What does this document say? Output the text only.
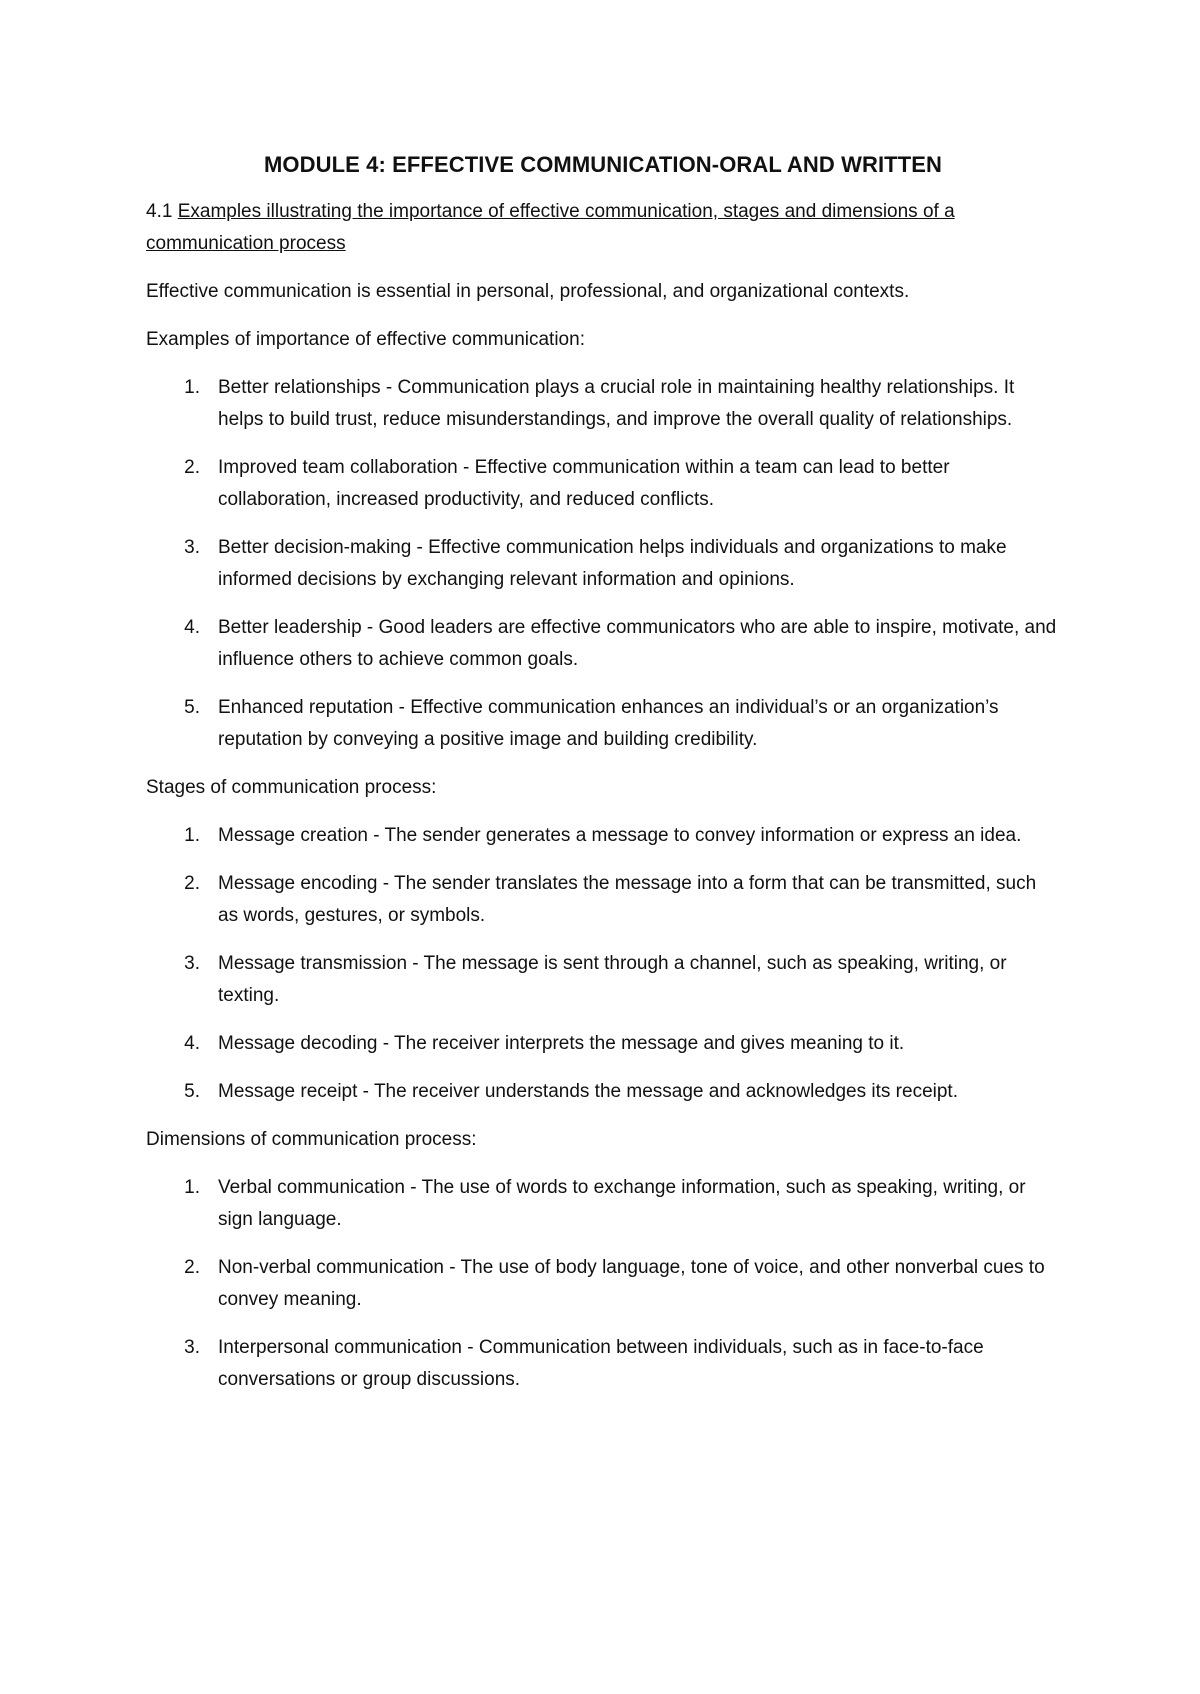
MODULE 4: EFFECTIVE COMMUNICATION-ORAL AND WRITTEN

4.1 Examples illustrating the importance of effective communication, stages and dimensions of a communication process

Effective communication is essential in personal, professional, and organizational contexts.

Examples of importance of effective communication:

1. Better relationships - Communication plays a crucial role in maintaining healthy relationships. It helps to build trust, reduce misunderstandings, and improve the overall quality of relationships.
2. Improved team collaboration - Effective communication within a team can lead to better collaboration, increased productivity, and reduced conflicts.
3. Better decision-making - Effective communication helps individuals and organizations to make informed decisions by exchanging relevant information and opinions.
4. Better leadership - Good leaders are effective communicators who are able to inspire, motivate, and influence others to achieve common goals.
5. Enhanced reputation - Effective communication enhances an individual’s or an organization’s reputation by conveying a positive image and building credibility.

Stages of communication process:

1. Message creation - The sender generates a message to convey information or express an idea.
2. Message encoding - The sender translates the message into a form that can be transmitted, such as words, gestures, or symbols.
3. Message transmission - The message is sent through a channel, such as speaking, writing, or texting.
4. Message decoding - The receiver interprets the message and gives meaning to it.
5. Message receipt - The receiver understands the message and acknowledges its receipt.

Dimensions of communication process:

1. Verbal communication - The use of words to exchange information, such as speaking, writing, or sign language.
2. Non-verbal communication - The use of body language, tone of voice, and other nonverbal cues to convey meaning.
3. Interpersonal communication - Communication between individuals, such as in face-to-face conversations or group discussions.
